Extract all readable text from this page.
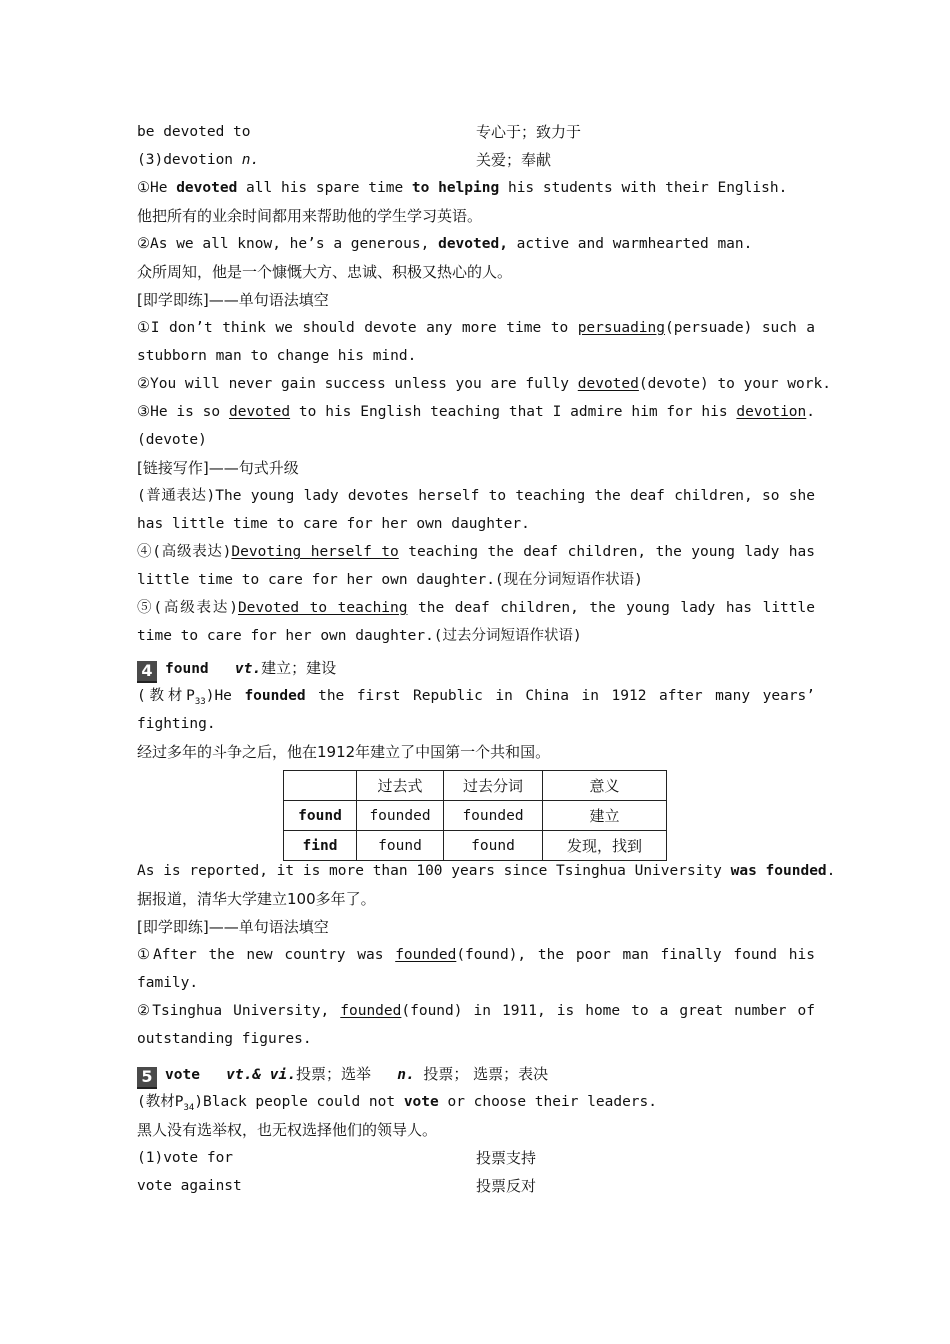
be devoted to	专心于；致力于
(3)devotion n.	关爱；奉献
①He devoted all his spare time to helping his students with their English.
他把所有的业余时间都用来帮助他的学生学习英语。
②As we all know, he’s a generous, devoted, active and warmhearted man.
众所周知，他是一个慷慨大方、忠诚、积极又热心的人。
[即学即练]——单句语法填空
①I don’t think we should devote any more time to persuading(persuade) such a
stubborn man to change his mind.
②You will never gain success unless you are fully devoted(devote) to your work.
③He is so devoted to his English teaching that I admire him for his devotion.
(devote)
[链接写作]——句式升级
(普通表达)The young lady devotes herself to teaching the deaf children, so she
has little time to care for her own daughter.
④(高级表达)Devoting herself to teaching the deaf children, the young lady has
little time to care for her own daughter.(现在分词短语作状语)
⑤(高级表达)Devoted to teaching the deaf children, the young lady has little
time to care for her own daughter.(过去分词短语作状语)
4 found vt.建立；建设
(教材$P_{33})He$ founded the first Republic in China in 1912 after many years’
fighting.
经过多年的斗争之后，他在1912年建立了中国第一个共和国。
	过去式	过去分词	意义
found	founded	founded	建立
find	found	found	发现，找到
As is reported, it is more than 100 years since Tsinghua University was founded.
据报道，清华大学建立100多年了。
[即学即练]——单句语法填空
①After the new country was founded(found), the poor man finally found his
family.
②Tsinghua University, founded(found) in 1911, is home to a great number of
outstanding figures.
5 vote vt.& vi.投票；选举 n. 投票； 选票；表决
(教材$P_{34})Black$ people could not vote or choose their leaders.
黑人没有选举权，也无权选择他们的领导人。
(1)vote for	投票支持
vote against	投票反对
